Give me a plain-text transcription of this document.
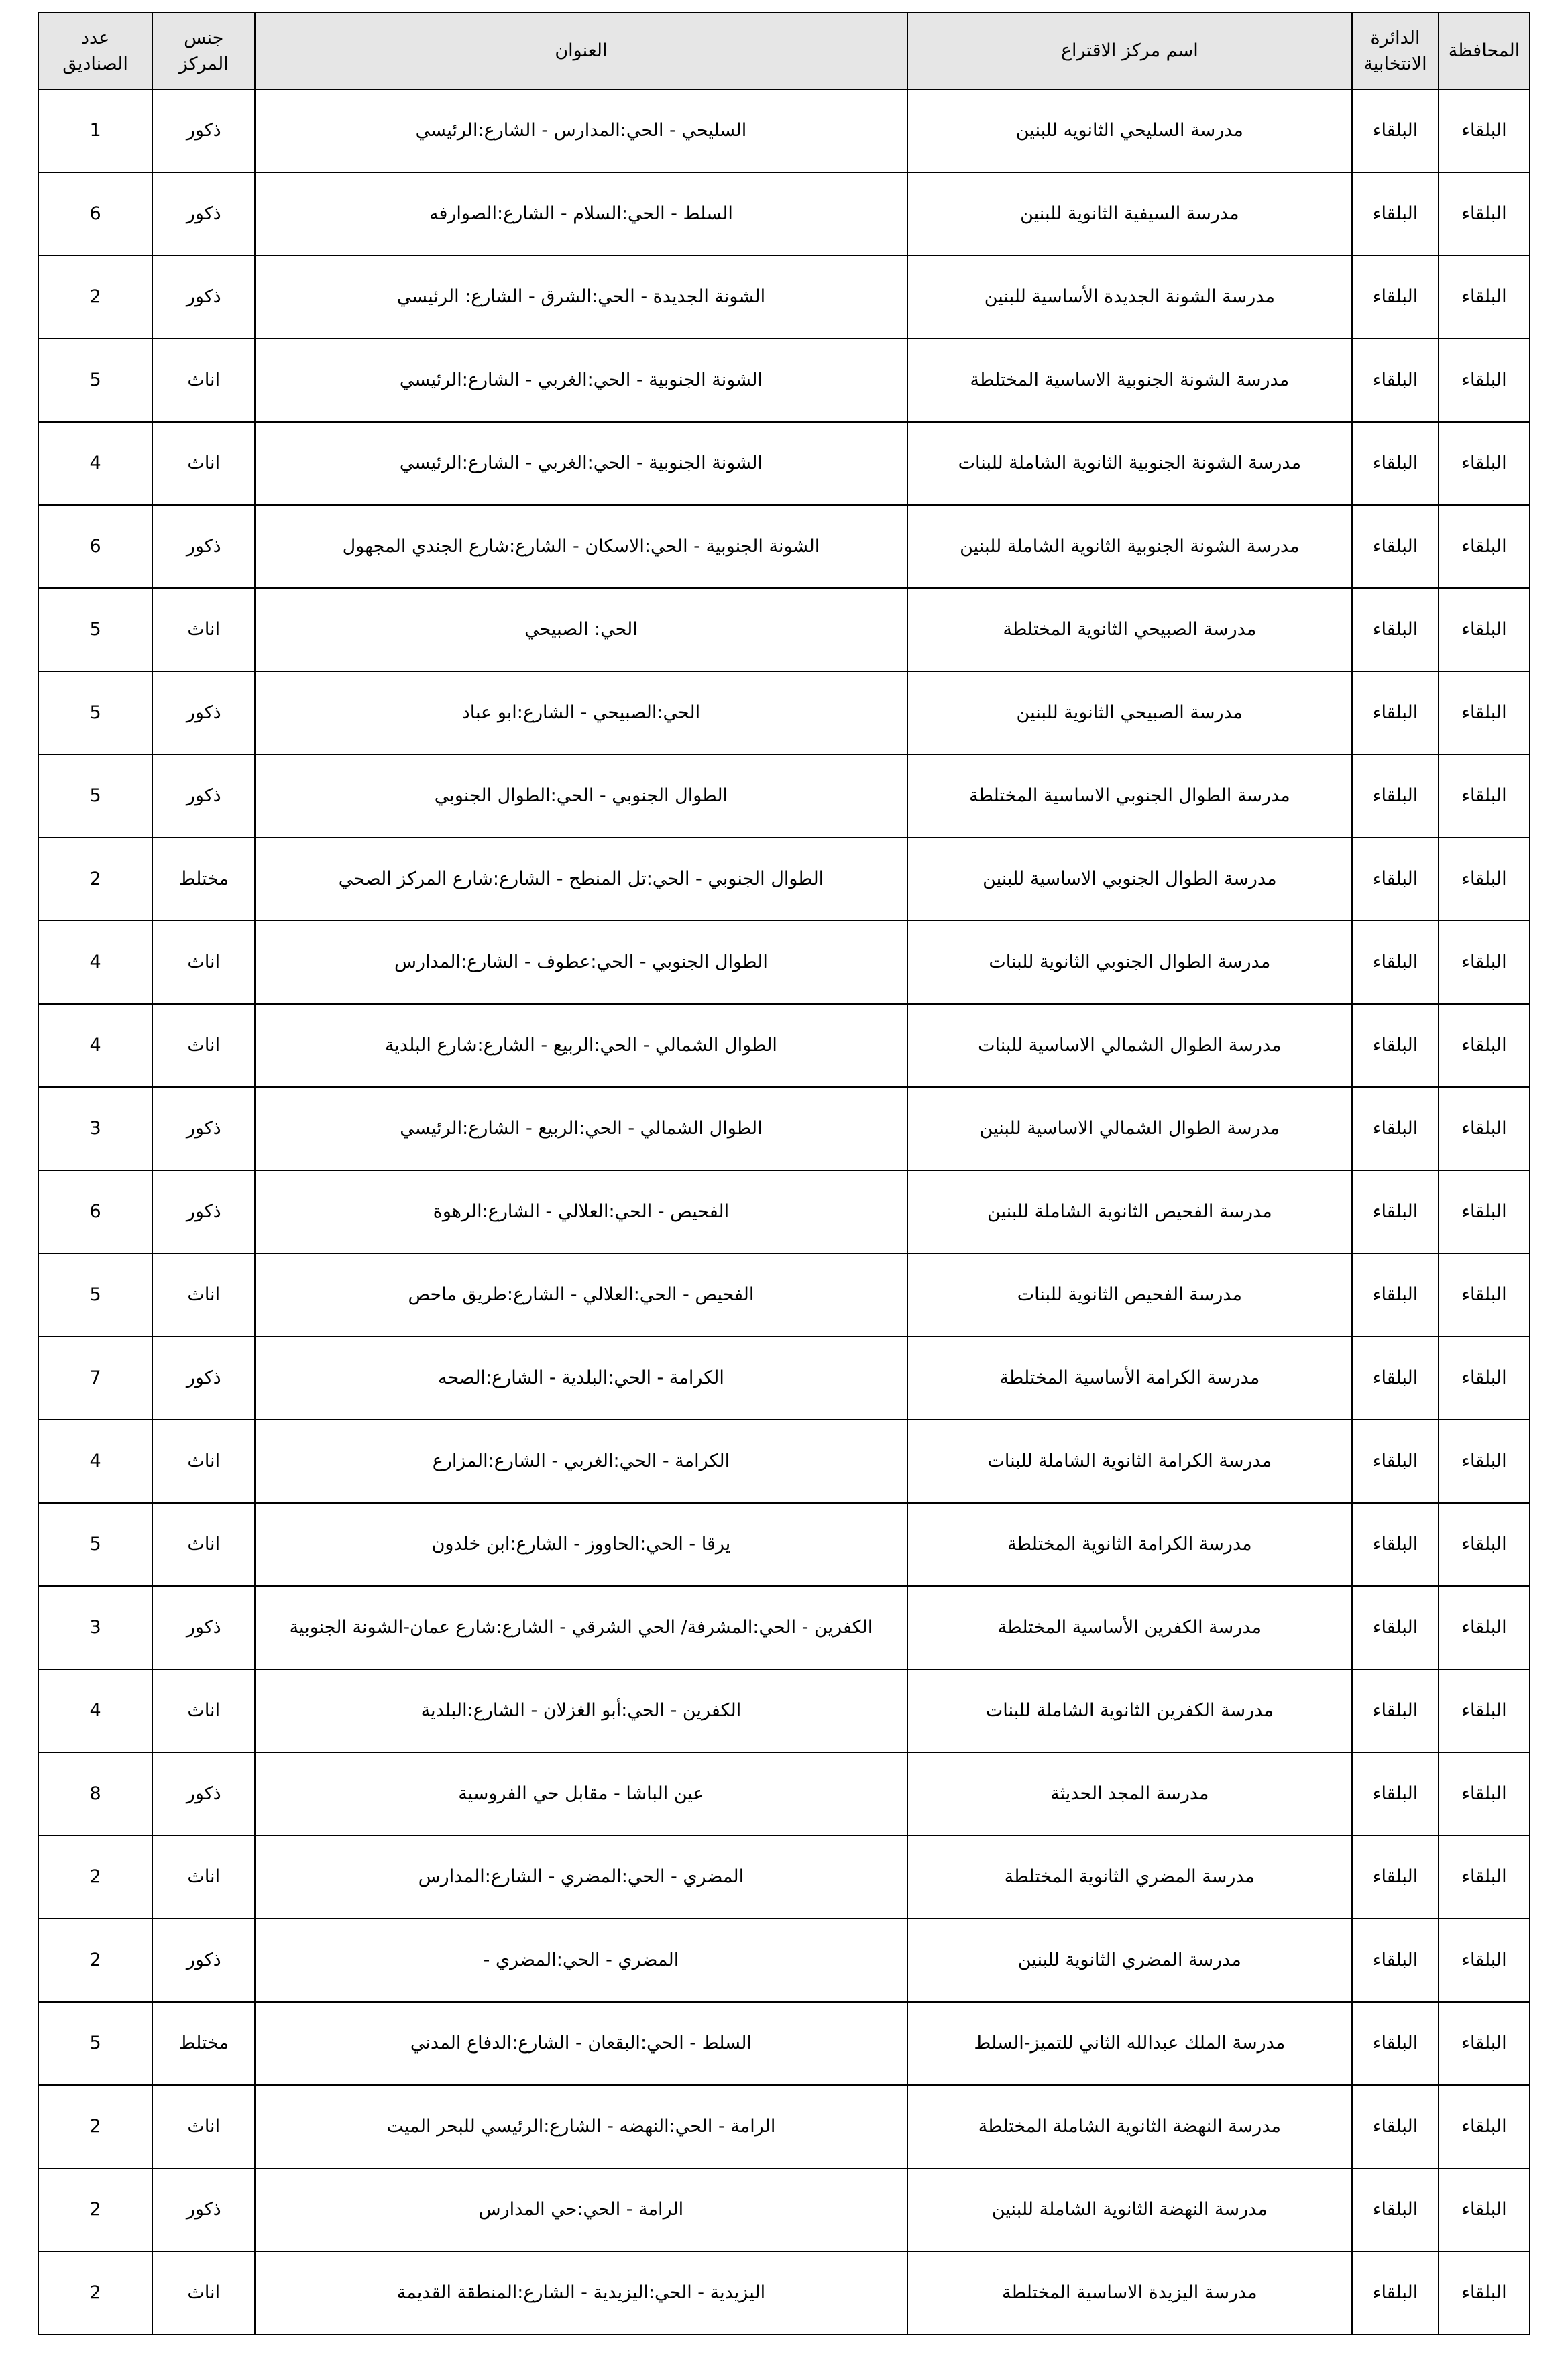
المحافظة	الدائرة الانتخابية	اسم مركز الاقتراع	العنوان	جنس المركز	عدد الصناديق
البلقاء	البلقاء	مدرسة السليحي الثانويه للبنين	السليحي - الحي:المدارس - الشارع:الرئيسي	ذكور	1
البلقاء	البلقاء	مدرسة السيفية الثانوية للبنين	السلط - الحي:السلام - الشارع:الصوارفه	ذكور	6
البلقاء	البلقاء	مدرسة الشونة الجديدة الأساسية للبنين	الشونة الجديدة - الحي:الشرق - الشارع: الرئيسي	ذكور	2
البلقاء	البلقاء	مدرسة الشونة الجنوبية الاساسية المختلطة	الشونة الجنوبية - الحي:الغربي - الشارع:الرئيسي	اناث	5
البلقاء	البلقاء	مدرسة الشونة الجنوبية الثانوية الشاملة للبنات	الشونة الجنوبية - الحي:الغربي - الشارع:الرئيسي	اناث	4
البلقاء	البلقاء	مدرسة الشونة الجنوبية الثانوية الشاملة للبنين	الشونة الجنوبية - الحي:الاسكان - الشارع:شارع الجندي المجهول	ذكور	6
البلقاء	البلقاء	مدرسة الصبيحي الثانوية المختلطة	الحي: الصبيحي	اناث	5
البلقاء	البلقاء	مدرسة الصبيحي الثانوية للبنين	الحي:الصبيحي - الشارع:ابو عباد	ذكور	5
البلقاء	البلقاء	مدرسة الطوال الجنوبي الاساسية المختلطة	الطوال الجنوبي - الحي:الطوال الجنوبي	ذكور	5
البلقاء	البلقاء	مدرسة الطوال الجنوبي الاساسية للبنين	الطوال الجنوبي - الحي:تل المنطح - الشارع:شارع المركز الصحي	مختلط	2
البلقاء	البلقاء	مدرسة الطوال الجنوبي الثانوية للبنات	الطوال الجنوبي - الحي:عطوف - الشارع:المدارس	اناث	4
البلقاء	البلقاء	مدرسة الطوال الشمالي الاساسية للبنات	الطوال الشمالي - الحي:الربيع - الشارع:شارع البلدية	اناث	4
البلقاء	البلقاء	مدرسة الطوال الشمالي الاساسية للبنين	الطوال الشمالي - الحي:الربيع - الشارع:الرئيسي	ذكور	3
البلقاء	البلقاء	مدرسة الفحيص الثانوية الشاملة للبنين	الفحيص - الحي:العلالي - الشارع:الرهوة	ذكور	6
البلقاء	البلقاء	مدرسة الفحيص الثانوية للبنات	الفحيص - الحي:العلالي - الشارع:طريق ماحص	اناث	5
البلقاء	البلقاء	مدرسة الكرامة الأساسية المختلطة	الكرامة - الحي:البلدية - الشارع:الصحه	ذكور	7
البلقاء	البلقاء	مدرسة الكرامة الثانوية الشاملة للبنات	الكرامة - الحي:الغربي - الشارع:المزارع	اناث	4
البلقاء	البلقاء	مدرسة الكرامة الثانوية المختلطة	يرقا - الحي:الحاووز - الشارع:ابن خلدون	اناث	5
البلقاء	البلقاء	مدرسة الكفرين الأساسية المختلطة	الكفرين - الحي:المشرفة/ الحي الشرقي - الشارع:شارع عمان-الشونة الجنوبية	ذكور	3
البلقاء	البلقاء	مدرسة الكفرين الثانوية الشاملة للبنات	الكفرين - الحي:أبو الغزلان - الشارع:البلدية	اناث	4
البلقاء	البلقاء	مدرسة المجد الحديثة	عين الباشا - مقابل حي الفروسية	ذكور	8
البلقاء	البلقاء	مدرسة المضري الثانوية المختلطة	المضري - الحي:المضري - الشارع:المدارس	اناث	2
البلقاء	البلقاء	مدرسة المضري الثانوية للبنين	المضري - الحي:المضري -	ذكور	2
البلقاء	البلقاء	مدرسة الملك عبدالله الثاني للتميز-السلط	السلط - الحي:البقعان - الشارع:الدفاع المدني	مختلط	5
البلقاء	البلقاء	مدرسة النهضة الثانوية الشاملة المختلطة	الرامة - الحي:النهضه - الشارع:الرئيسي للبحر الميت	اناث	2
البلقاء	البلقاء	مدرسة النهضة الثانوية الشاملة للبنين	الرامة - الحي:حي المدارس	ذكور	2
البلقاء	البلقاء	مدرسة اليزيدة الاساسية المختلطة	اليزيدية - الحي:اليزيدية - الشارع:المنطقة القديمة	اناث	2
